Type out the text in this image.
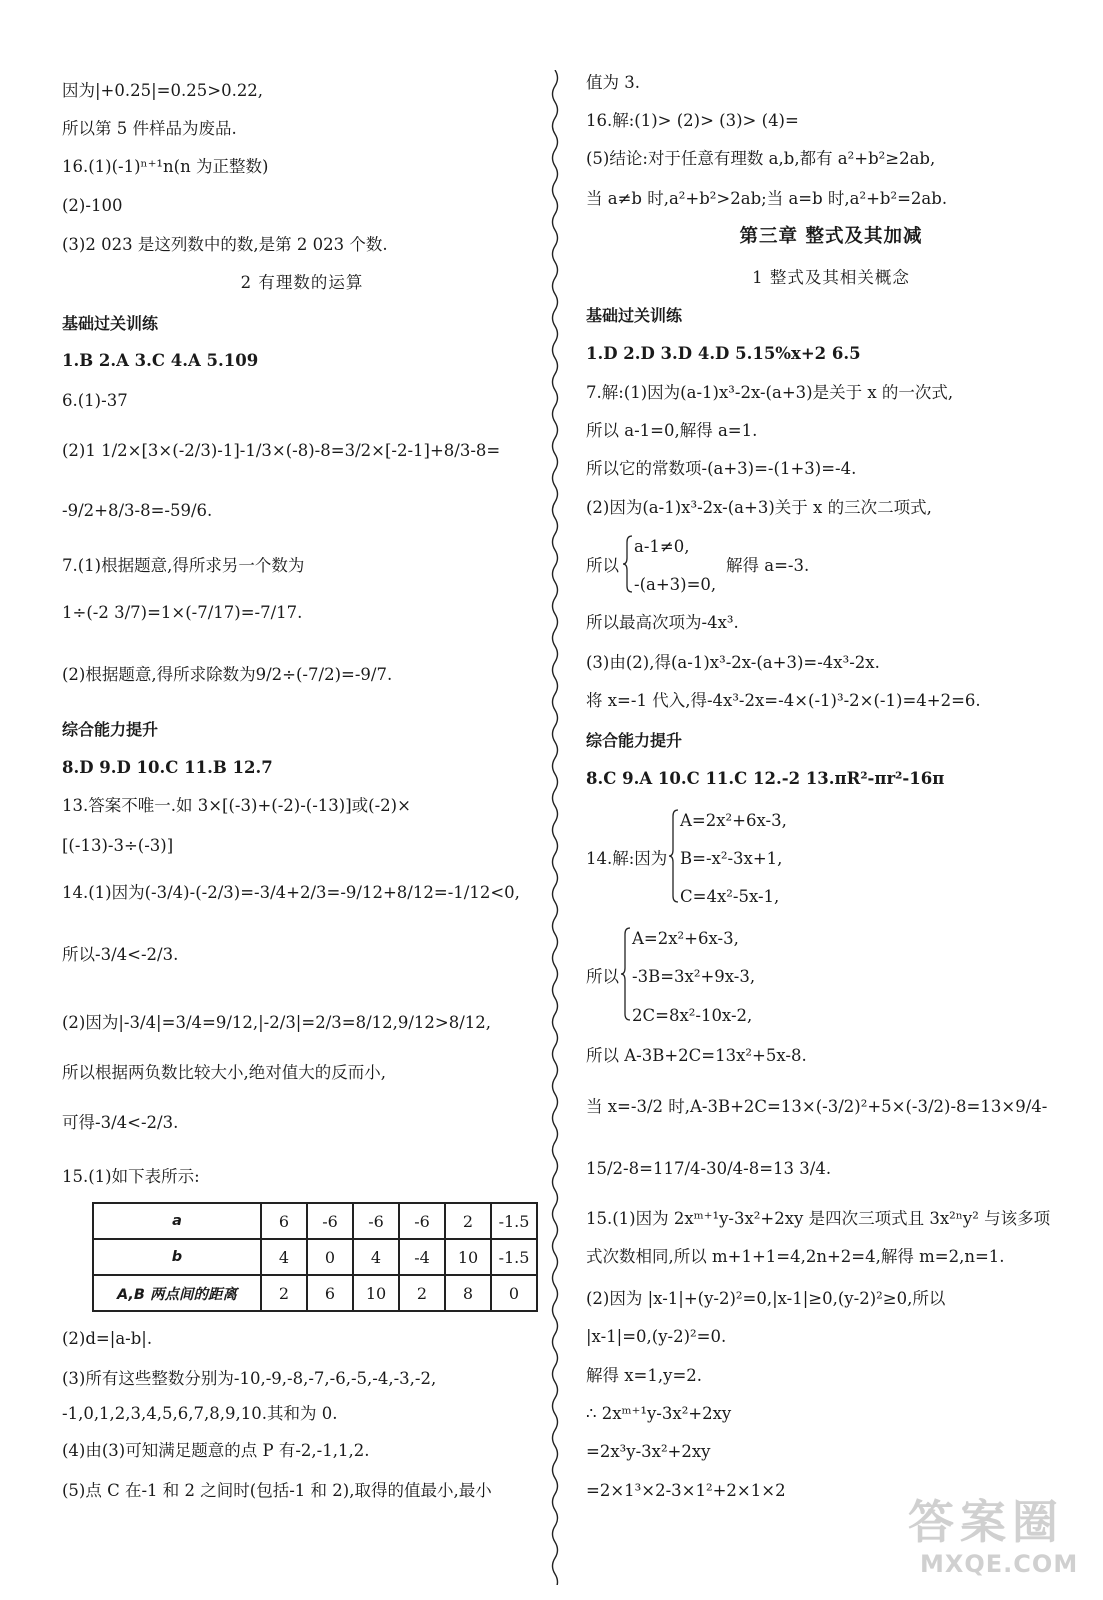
因为|+0.25|=0.25>0.22,
所以第 5 件样品为废品.
16.(1)(-1)ⁿ⁺¹n(n 为正整数)
(2)-100
(3)2 023 是这列数中的数,是第 2 023 个数.
2 有理数的运算
基础过关训练
1.B 2.A 3.C 4.A 5.109
6.(1)-37
(2)1 1/2×[3×(-2/3)-1]-1/3×(-8)-8=3/2×[-2-1]+8/3-8=
-9/2+8/3-8=-59/6.
7.(1)根据题意,得所求另一个数为
1÷(-2 3/7)=1×(-7/17)=-7/17.
(2)根据题意,得所求除数为9/2÷(-7/2)=-9/7.
综合能力提升
8.D 9.D 10.C 11.B 12.7
13.答案不唯一.如 3×[(-3)+(-2)-(-13)]或(-2)×
[(-13)-3÷(-3)]
14.(1)因为(-3/4)-(-2/3)=-3/4+2/3=-9/12+8/12=-1/12<0,
所以-3/4<-2/3.
(2)因为|-3/4|=3/4=9/12,|-2/3|=2/3=8/12,9/12>8/12,
所以根据两负数比较大小,绝对值大的反而小,
可得-3/4<-2/3.
15.(1)如下表所示:
a	6	-6	-6	-6	2	-1.5
b	4	0	4	-4	10	-1.5
A,B 两点间的距离	2	6	10	2	8	0
(2)d=|a-b|.
(3)所有这些整数分别为-10,-9,-8,-7,-6,-5,-4,-3,-2,
-1,0,1,2,3,4,5,6,7,8,9,10.其和为 0.
(4)由(3)可知满足题意的点 P 有-2,-1,1,2.
(5)点 C 在-1 和 2 之间时(包括-1 和 2),取得的值最小,最小
值为 3.
16.解:(1)> (2)> (3)> (4)=
(5)结论:对于任意有理数 a,b,都有 a²+b²≥2ab,
当 a≠b 时,a²+b²>2ab;当 a=b 时,a²+b²=2ab.
第三章 整式及其加减
1 整式及其相关概念
基础过关训练
1.D 2.D 3.D 4.D 5.15%x+2 6.5
7.解:(1)因为(a-1)x³-2x-(a+3)是关于 x 的一次式,
所以 a-1=0,解得 a=1.
所以它的常数项-(a+3)=-(1+3)=-4.
(2)因为(a-1)x³-2x-(a+3)关于 x 的三次二项式,
所以
a-1≠0,
-(a+3)=0,
解得 a=-3.
所以最高次项为-4x³.
(3)由(2),得(a-1)x³-2x-(a+3)=-4x³-2x.
将 x=-1 代入,得-4x³-2x=-4×(-1)³-2×(-1)=4+2=6.
综合能力提升
8.C 9.A 10.C 11.C 12.-2 13.πR²-πr²-16π
14.解:因为
A=2x²+6x-3,
B=-x²-3x+1,
C=4x²-5x-1,
所以
A=2x²+6x-3,
-3B=3x²+9x-3,
2C=8x²-10x-2,
所以 A-3B+2C=13x²+5x-8.
当 x=-3/2 时,A-3B+2C=13×(-3/2)²+5×(-3/2)-8=13×9/4-
15/2-8=117/4-30/4-8=13 3/4.
15.(1)因为 2xᵐ⁺¹y-3x²+2xy 是四次三项式且 3x²ⁿy² 与该多项
式次数相同,所以 m+1+1=4,2n+2=4,解得 m=2,n=1.
(2)因为 |x-1|+(y-2)²=0,|x-1|≥0,(y-2)²≥0,所以
|x-1|=0,(y-2)²=0.
解得 x=1,y=2.
∴ 2xᵐ⁺¹y-3x²+2xy
=2x³y-3x²+2xy
=2×1³×2-3×1²+2×1×2
答案圈
MXQE.COM
